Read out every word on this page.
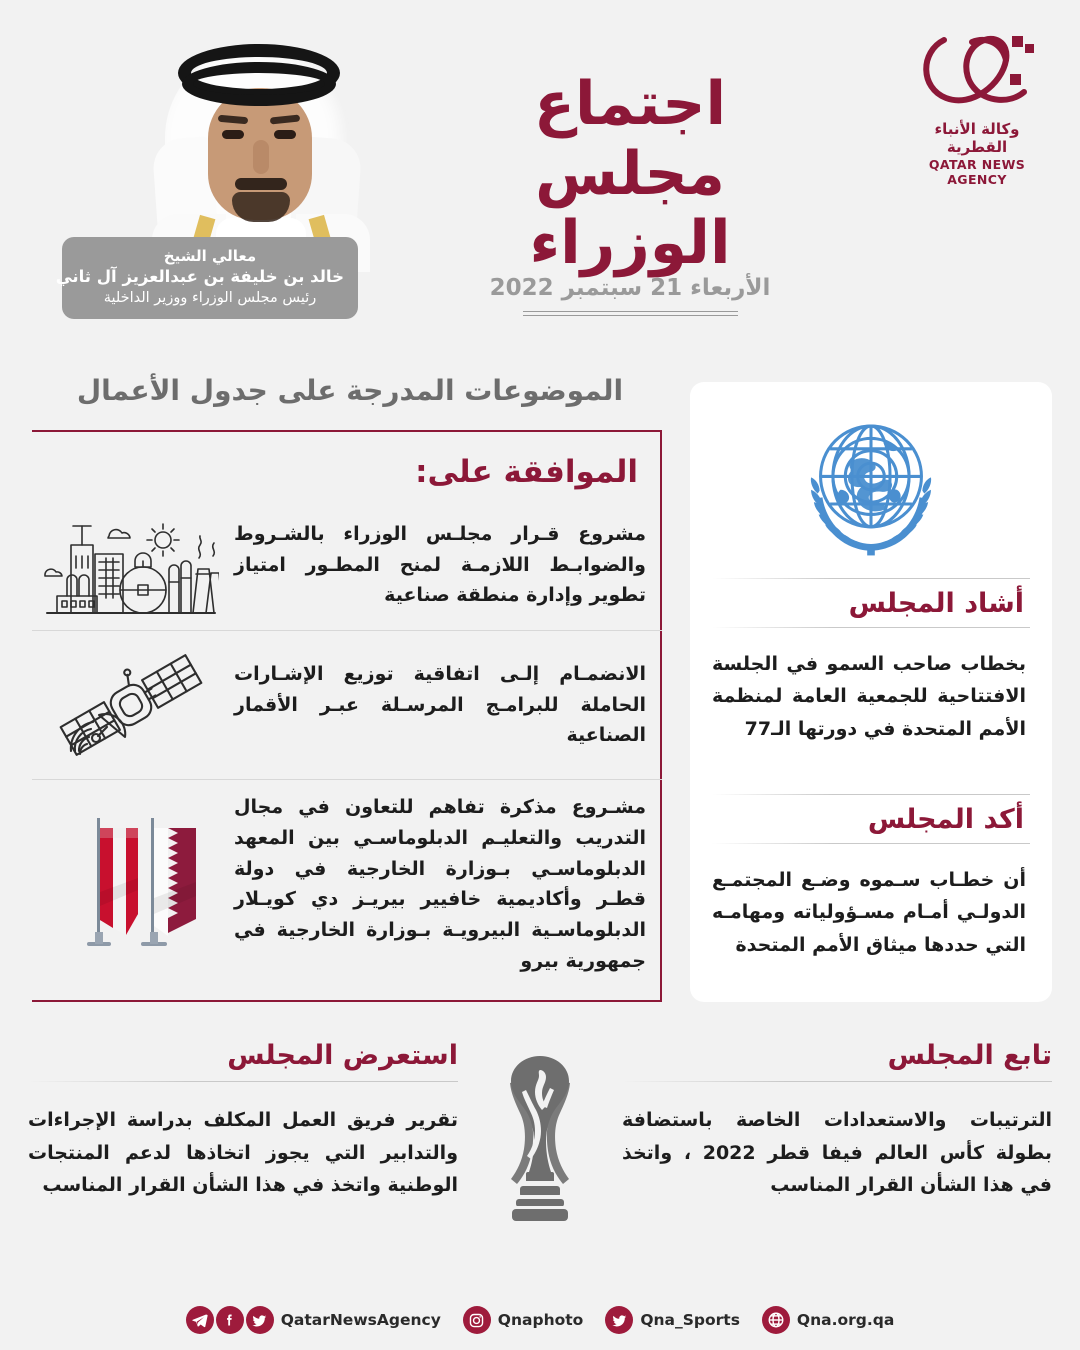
معالي الشيخ
خالد بن خليفة بن عبدالعزيز آل ثاني
رئيس مجلس الوزراء ووزير الداخلية
اجتماع
مجلس الوزراء
الأربعاء 21 سبتمبر 2022
وكالة الأنباء القطرية
QATAR NEWS AGENCY
الموضوعات المدرجة على جدول الأعمال
الموافقة على:
مشروع قـرار مجلـس الوزراء بالشـروط والضوابـط اللازمـة لمنح المطـور امتياز تطوير وإدارة منطقة صناعية
الانضمـام إلـى اتفاقية توزيع الإشـارات الحاملة للبرامـج المرسـلة عبـر الأقمار الصناعية
مشـروع مذكرة تفاهم للتعاون في مجال التدريب والتعليـم الدبلوماسـي بين المعهد الدبلوماسـي بـوزارة الخارجية في دولة قطـر وأكاديمية خافيير بيريـز دي كويـلار الدبلوماسـية البيرويـة بـوزارة الخارجية في جمهورية بيرو
أشاد المجلس
بخطاب صاحب السمو في الجلسة الافتتاحية للجمعية العامة لمنظمة الأمم المتحدة في دورتها الـ77
أكد المجلس
أن خطـاب سـموه وضـع المجتمـع الدولـي أمـام مسـؤولياته ومهامـه التي حددها ميثاق الأمم المتحدة
تابع المجلس
الترتيبات والاستعدادات الخاصة باستضافة بطولة كأس العالم فيفا قطر 2022 ، واتخذ في هذا الشأن القرار المناسب
استعرض المجلس
تقرير فريق العمل المكلف بدراسة الإجراءات والتدابير التي يجوز اتخاذها لدعم المنتجات الوطنية واتخذ في هذا الشأن القرار المناسب
QatarNewsAgency	Qnaphoto	Qna_Sports	Qna.org.qa
